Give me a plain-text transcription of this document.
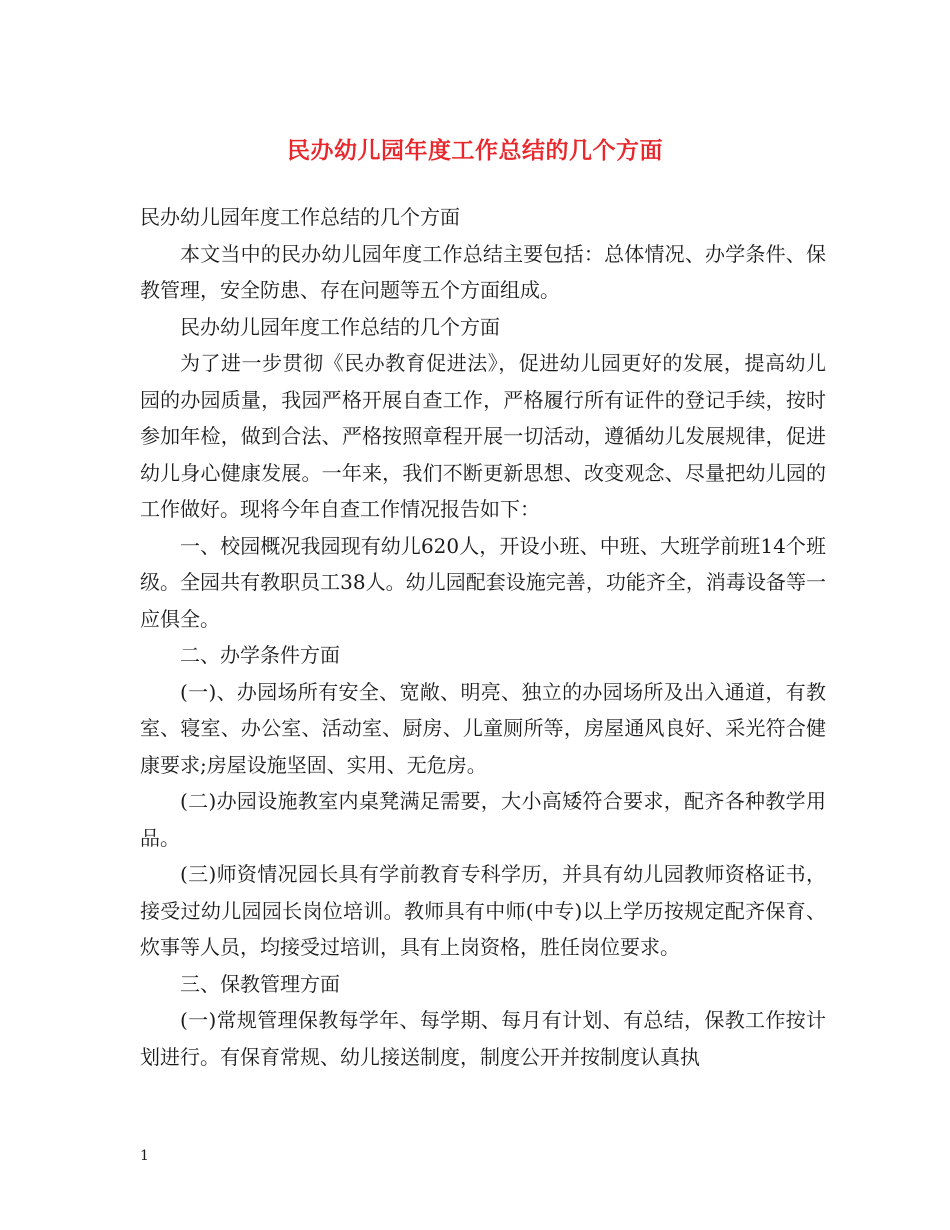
民办幼儿园年度工作总结的几个方面

民办幼儿园年度工作总结的几个方面

本文当中的民办幼儿园年度工作总结主要包括：总体情况、办学条件、保教管理，安全防患、存在问题等五个方面组成。

民办幼儿园年度工作总结的几个方面

为了进一步贯彻《民办教育促进法》，促进幼儿园更好的发展，提高幼儿园的办园质量，我园严格开展自查工作，严格履行所有证件的登记手续，按时参加年检，做到合法、严格按照章程开展一切活动，遵循幼儿发展规律，促进幼儿身心健康发展。一年来，我们不断更新思想、改变观念、尽量把幼儿园的工作做好。现将今年自查工作情况报告如下：

一、校园概况我园现有幼儿620人，开设小班、中班、大班学前班14个班级。全园共有教职员工38人。幼儿园配套设施完善，功能齐全，消毒设备等一应俱全。

二、办学条件方面

(一)、办园场所有安全、宽敞、明亮、独立的办园场所及出入通道，有教室、寝室、办公室、活动室、厨房、儿童厕所等，房屋通风良好、采光符合健康要求;房屋设施坚固、实用、无危房。

(二)办园设施教室内桌凳满足需要，大小高矮符合要求，配齐各种教学用品。

(三)师资情况园长具有学前教育专科学历，并具有幼儿园教师资格证书，接受过幼儿园园长岗位培训。教师具有中师(中专)以上学历按规定配齐保育、炊事等人员，均接受过培训，具有上岗资格，胜任岗位要求。

三、保教管理方面

(一)常规管理保教每学年、每学期、每月有计划、有总结，保教工作按计划进行。有保育常规、幼儿接送制度，制度公开并按制度认真执

1
